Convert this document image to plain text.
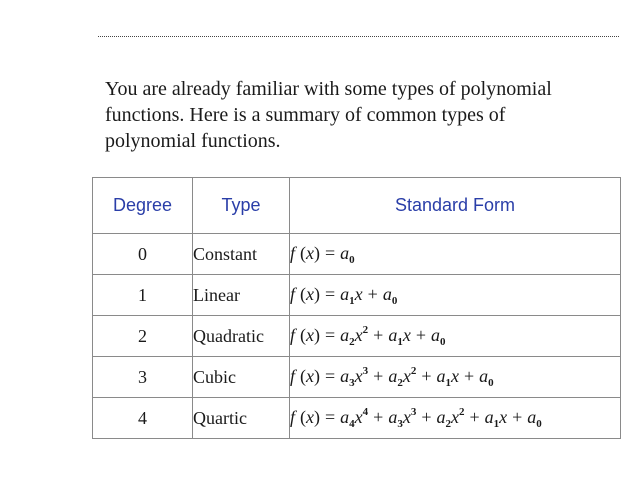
You are already familiar with some types of polynomial
functions. Here is a summary of common types of
polynomial functions.
Degree	Type	Standard Form
0	Constant	f $(x) = a_0$
1	Linear	f $(x) = a_1x + a_0$
2	Quadratic	f $(x) = a_2x^2 + a_1x + a_0$
3	Cubic	f $(x) = a_3x^3 + a_2x^2 + a_1x + a_0$
4	Quartic	f $(x) = a_4x^4 + a_3x^3 + a_2x^2 + a_1x + a_0$
